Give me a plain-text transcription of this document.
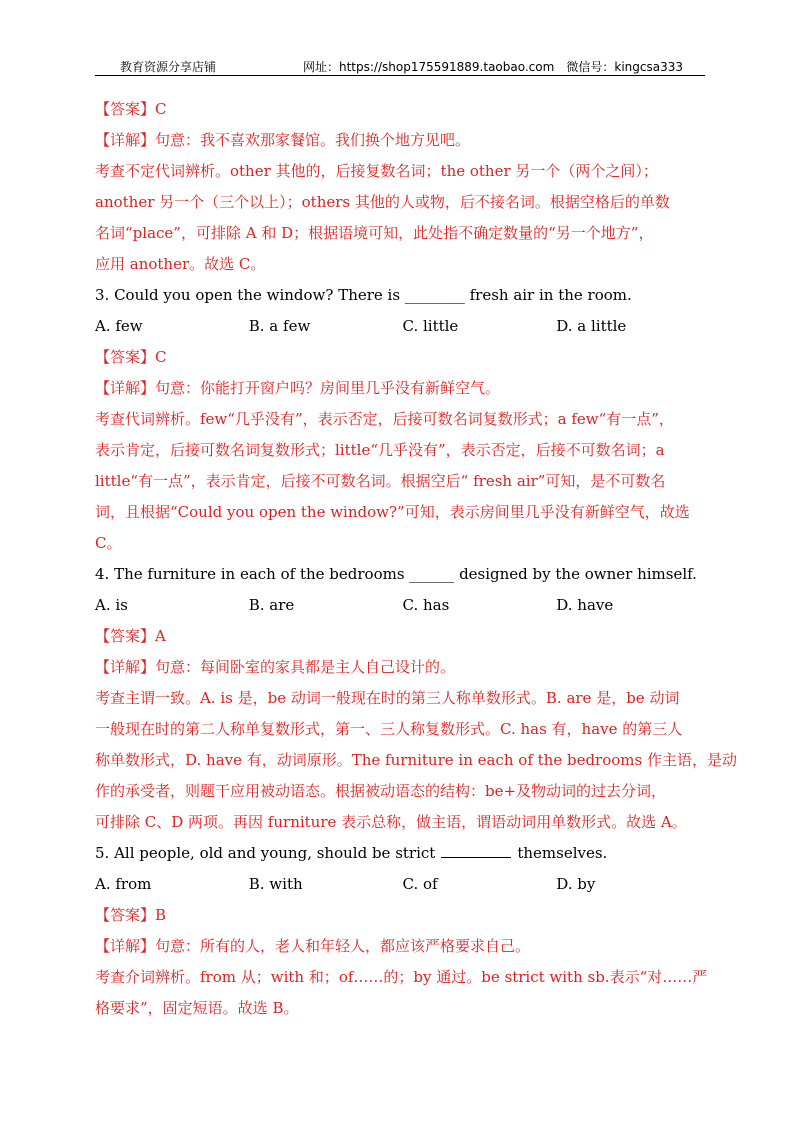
教育资源分享店铺	网址：https://shop175591889.taobao.com 微信号：kingcsa333
【答案】C
【详解】句意：我不喜欢那家餐馆。我们换个地方见吧。
考查不定代词辨析。other 其他的，后接复数名词；the other 另一个（两个之间）；
another 另一个（三个以上）；others 其他的人或物，后不接名词。根据空格后的单数
名词“place”，可排除 A 和 D；根据语境可知，此处指不确定数量的“另一个地方”，
应用 another。故选 C。
3. Could you open the window? There is ________ fresh air in the room.
A. few	B. a few	C. little	D. a little
【答案】C
【详解】句意：你能打开窗户吗？房间里几乎没有新鲜空气。
考查代词辨析。few“几乎没有”，表示否定，后接可数名词复数形式；a few“有一点”，
表示肯定，后接可数名词复数形式；little“几乎没有”，表示否定，后接不可数名词；a
little“有一点”，表示肯定，后接不可数名词。根据空后“ fresh air”可知，是不可数名
词，且根据“Could you open the window?”可知，表示房间里几乎没有新鲜空气，故选
C。
4. The furniture in each of the bedrooms ______ designed by the owner himself.
A. is	B. are	C. has	D. have
【答案】A
【详解】句意：每间卧室的家具都是主人自己设计的。
考查主谓一致。A. is 是，be 动词一般现在时的第三人称单数形式。B. are 是，be 动词
一般现在时的第二人称单复数形式，第一、三人称复数形式。C. has 有，have 的第三人
称单数形式，D. have 有，动词原形。The furniture in each of the bedrooms 作主语，是动
作的承受者，则题干应用被动语态。根据被动语态的结构：be+及物动词的过去分词，
可排除 C、D 两项。再因 furniture 表示总称，做主语，谓语动词用单数形式。故选 A。
5. All people, old and young, should be strict	themselves.
A. from	B. with	C. of	D. by
【答案】B
【详解】句意：所有的人，老人和年轻人，都应该严格要求自己。
考查介词辨析。from 从；with 和；of……的；by 通过。be strict with sb.表示“对……严
格要求”，固定短语。故选 B。
